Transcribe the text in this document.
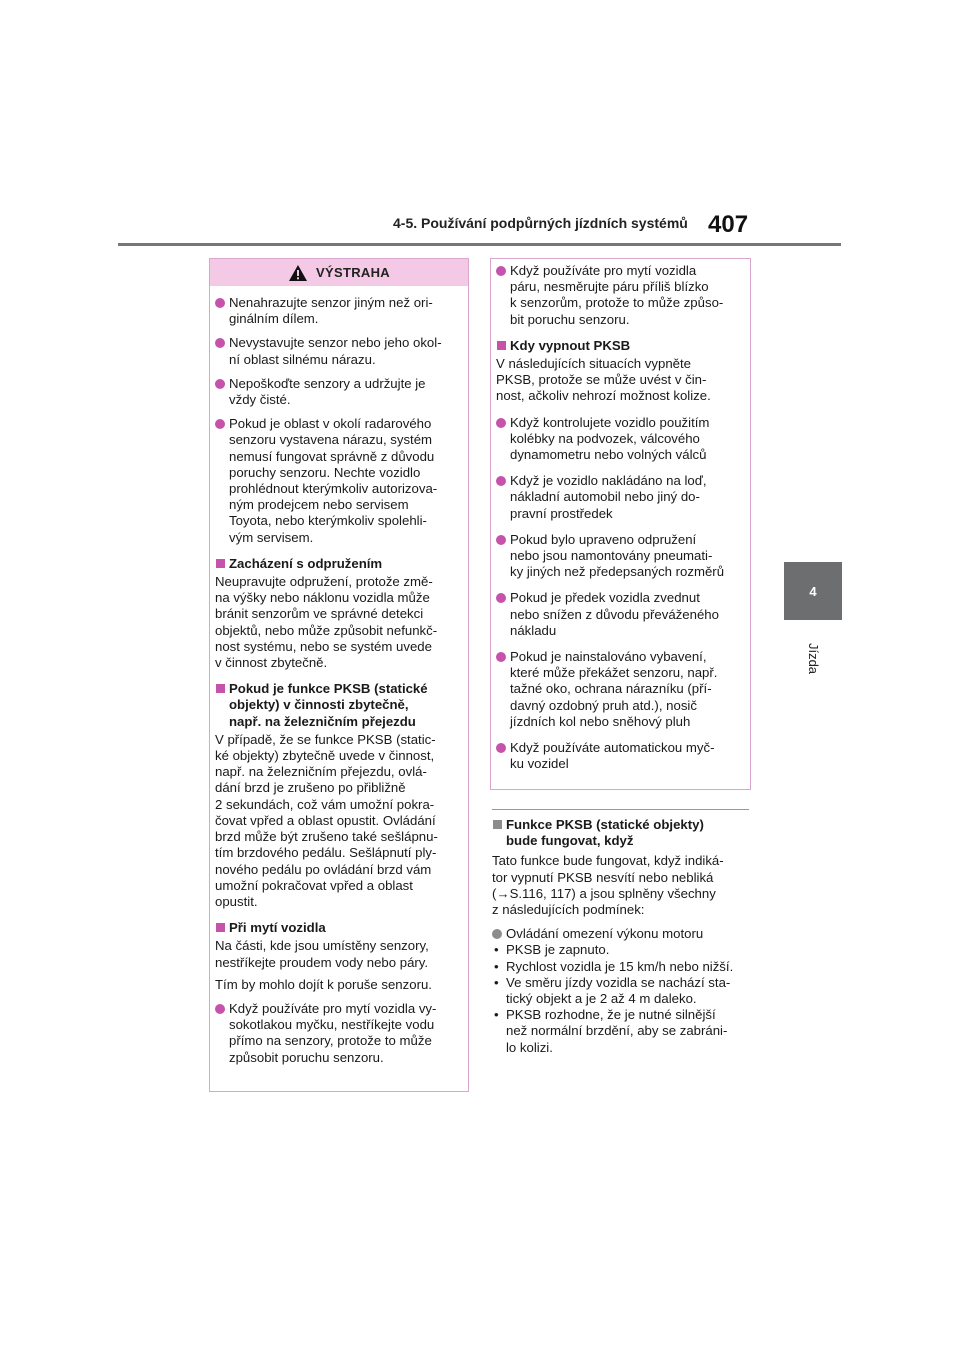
4-5. Používání podpůrných jízdních systémů 407
4
Jízda
VÝSTRAHA
Nenahrazujte senzor jiným než ori-
ginálním dílem.
Nevystavujte senzor nebo jeho okol-
ní oblast silnému nárazu.
Nepoškoďte senzory a udržujte je
vždy čisté.
Pokud je oblast v okolí radarového
senzoru vystavena nárazu, systém
nemusí fungovat správně z důvodu
poruchy senzoru. Nechte vozidlo
prohlédnout kterýmkoliv autorizova-
ným prodejcem nebo servisem
Toyota, nebo kterýmkoliv spolehli-
vým servisem.
Zacházení s odpružením
Neupravujte odpružení, protože změ-
na výšky nebo náklonu vozidla může
bránit senzorům ve správné detekci
objektů, nebo může způsobit nefunkč-
nost systému, nebo se systém uvede
v činnost zbytečně.
Pokud je funkce PKSB (statické
objekty) v činnosti zbytečně,
např. na železničním přejezdu
V případě, že se funkce PKSB (static-
ké objekty) zbytečně uvede v činnost,
např. na železničním přejezdu, ovlá-
dání brzd je zrušeno po přibližně
2 sekundách, což vám umožní pokra-
čovat vpřed a oblast opustit. Ovládání
brzd může být zrušeno také sešlápnu-
tím brzdového pedálu. Sešlápnutí ply-
nového pedálu po ovládání brzd vám
umožní pokračovat vpřed a oblast
opustit.
Při mytí vozidla
Na části, kde jsou umístěny senzory,
nestříkejte proudem vody nebo páry.
Tím by mohlo dojít k poruše senzoru.
Když používáte pro mytí vozidla vy-
sokotlakou myčku, nestříkejte vodu
přímo na senzory, protože to může
způsobit poruchu senzoru.
Když používáte pro mytí vozidla
páru, nesměrujte páru příliš blízko
k senzorům, protože to může způso-
bit poruchu senzoru.
Kdy vypnout PKSB
V následujících situacích vypněte
PKSB, protože se může uvést v čin-
nost, ačkoliv nehrozí možnost kolize.
Když kontrolujete vozidlo použitím
kolébky na podvozek, válcového
dynamometru nebo volných válců
Když je vozidlo nakládáno na loď,
nákladní automobil nebo jiný do-
pravní prostředek
Pokud bylo upraveno odpružení
nebo jsou namontovány pneumati-
ky jiných než předepsaných rozměrů
Pokud je předek vozidla zvednut
nebo snížen z důvodu převáženého
nákladu
Pokud je nainstalováno vybavení,
které může překážet senzoru, např.
tažné oko, ochrana nárazníku (pří-
davný ozdobný pruh atd.), nosič
jízdních kol nebo sněhový pluh
Když používáte automatickou myč-
ku vozidel
Funkce PKSB (statické objekty)
bude fungovat, když
Tato funkce bude fungovat, když indiká-
tor vypnutí PKSB nesvítí nebo nebliká
(→S.116, 117) a jsou splněny všechny
z následujících podmínek:
Ovládání omezení výkonu motoru
• PKSB je zapnuto.
• Rychlost vozidla je 15 km/h nebo nižší.
• Ve směru jízdy vozidla se nachází sta-
tický objekt a je 2 až 4 m daleko.
• PKSB rozhodne, že je nutné silnější
než normální brzdění, aby se zabráni-
lo kolizi.
